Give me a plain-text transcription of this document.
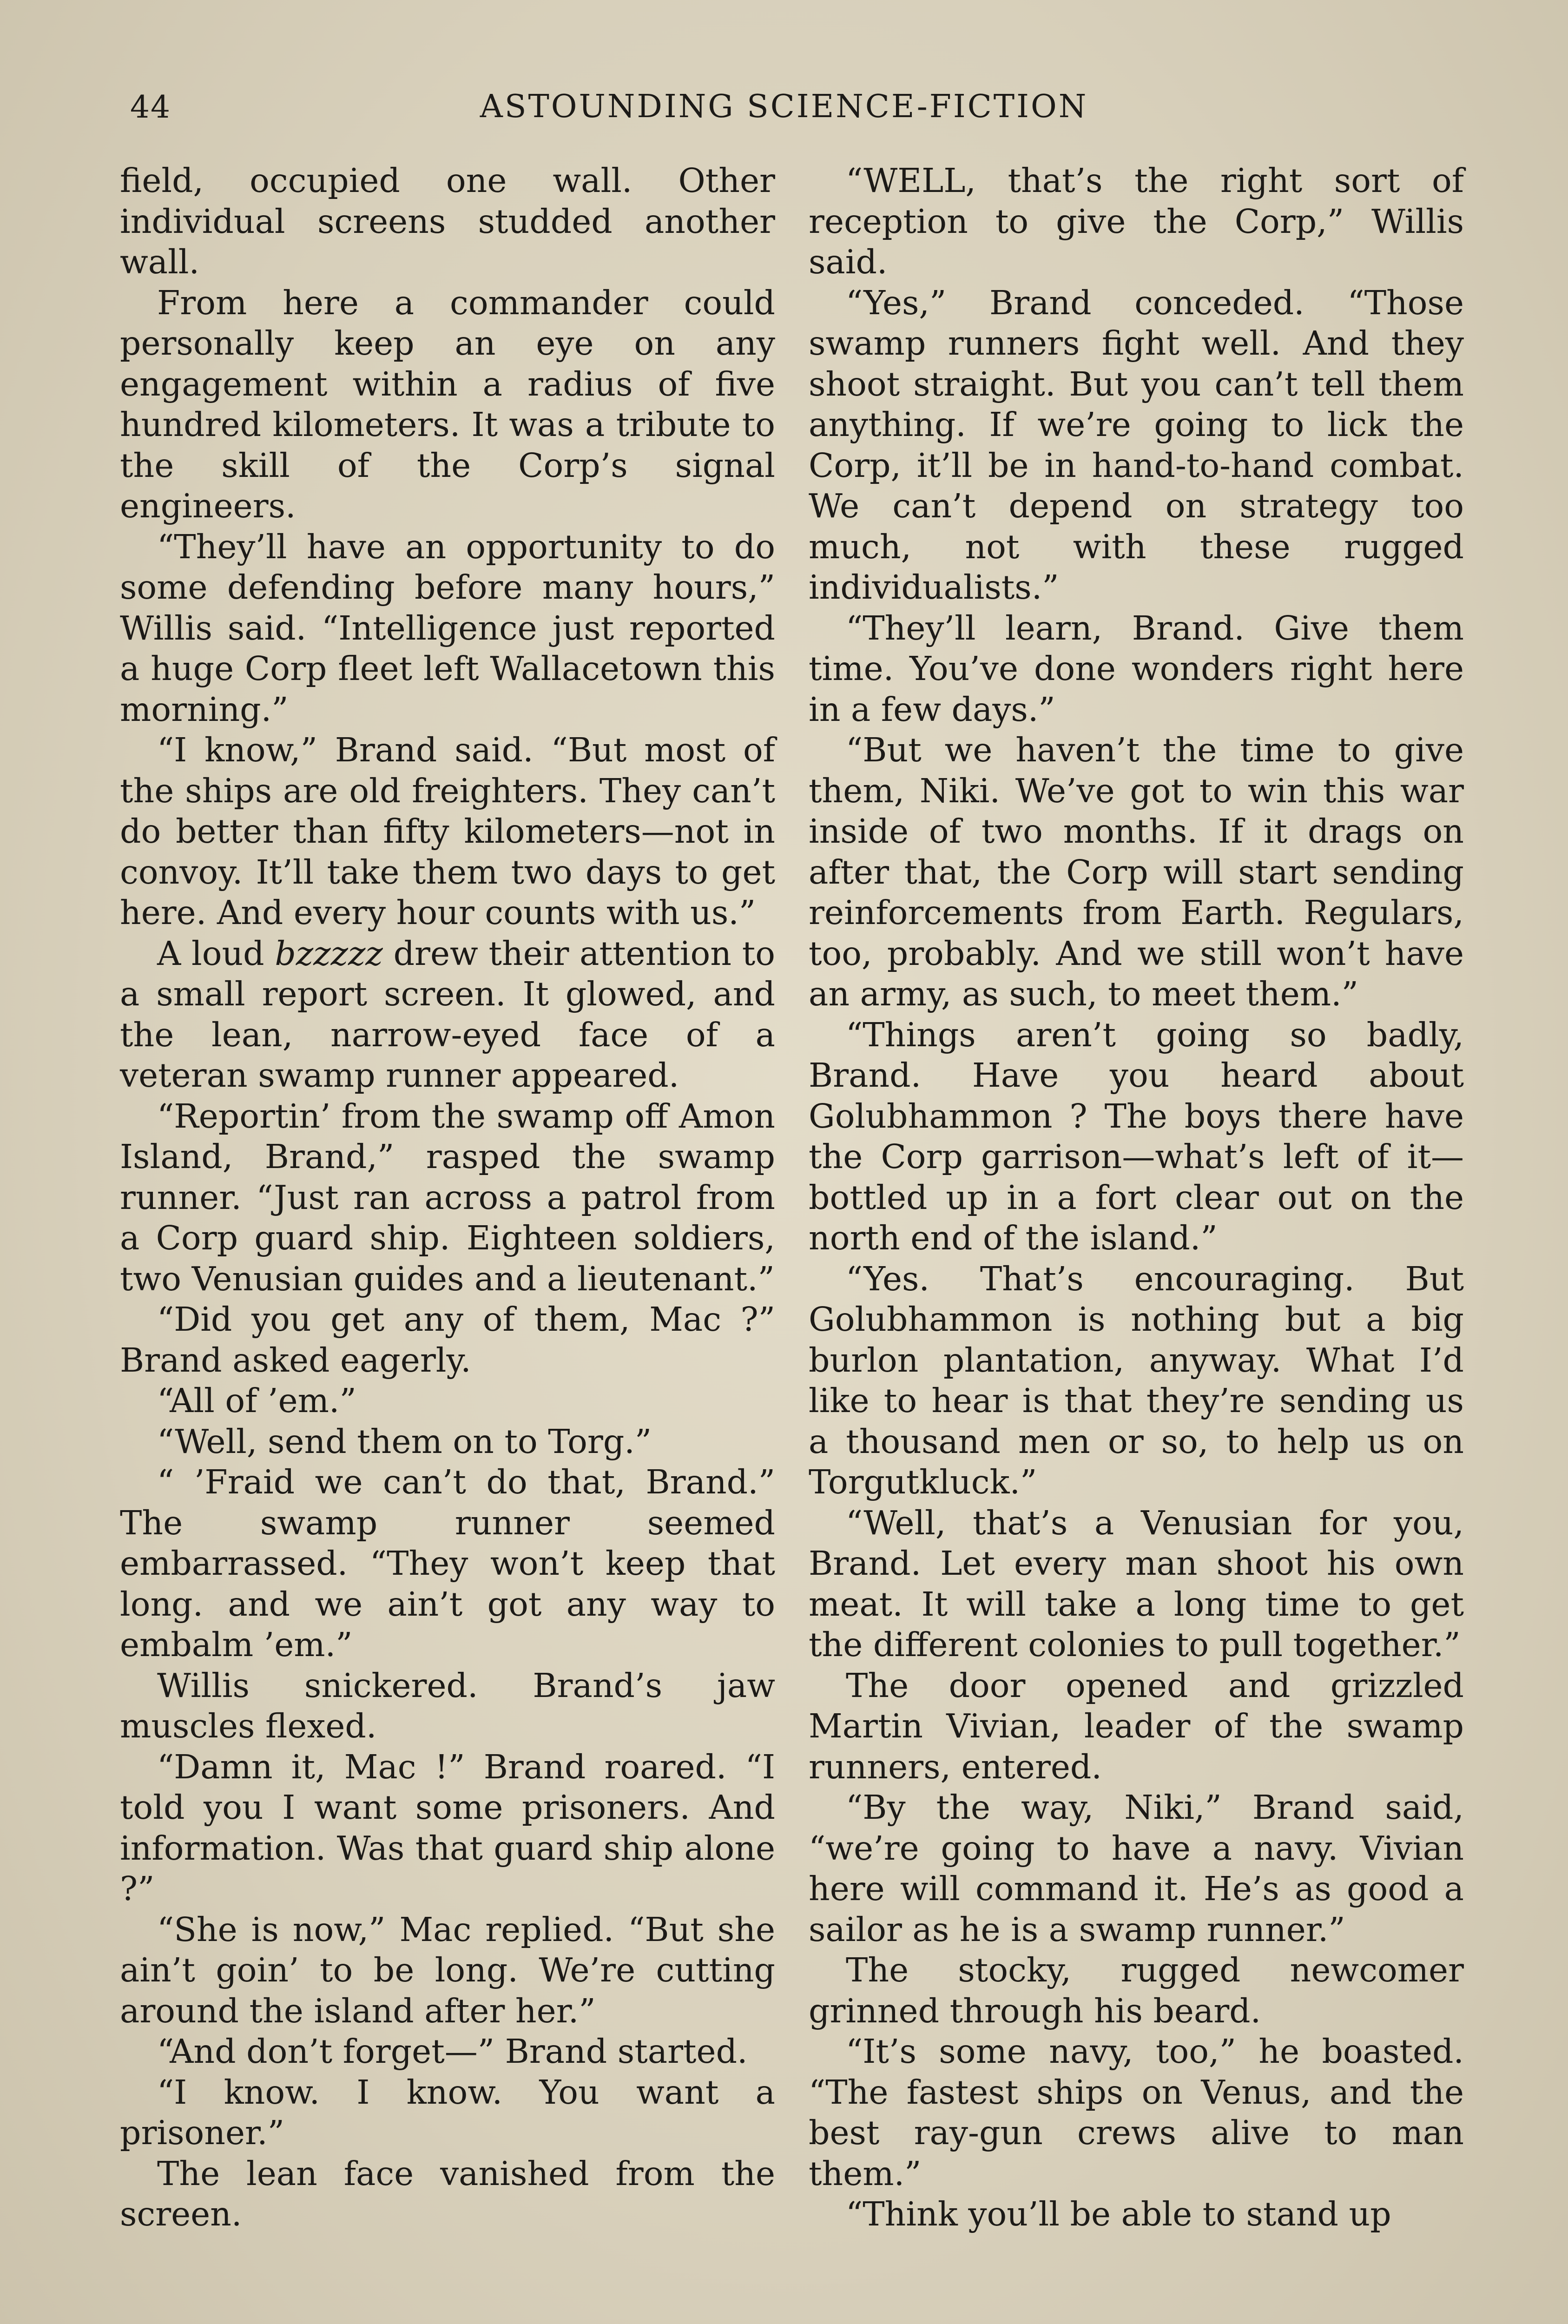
44	ASTOUNDING SCIENCE-FICTION

field, occupied one wall. Other individual screens studded another wall.

From here a commander could personally keep an eye on any engagement within a radius of five hundred kilometers. It was a tribute to the skill of the Corp’s signal engineers.

“They’ll have an opportunity to do some defending before many hours,” Willis said. “Intelligence just reported a huge Corp fleet left Wallacetown this morning.”

“I know,” Brand said. “But most of the ships are old freighters. They can’t do better than fifty kilometers—not in convoy. It’ll take them two days to get here. And every hour counts with us.”

A loud bzzzzz drew their attention to a small report screen. It glowed, and the lean, narrow-eyed face of a veteran swamp runner appeared.

“Reportin’ from the swamp off Amon Island, Brand,” rasped the swamp runner. “Just ran across a patrol from a Corp guard ship. Eighteen soldiers, two Venusian guides and a lieutenant.”

“Did you get any of them, Mac ?” Brand asked eagerly.

“All of ’em.”

“Well, send them on to Torg.”

“ ’Fraid we can’t do that, Brand.” The swamp runner seemed embarrassed. “They won’t keep that long. and we ain’t got any way to embalm ’em.”

Willis snickered. Brand’s jaw muscles flexed.

“Damn it, Mac !” Brand roared. “I told you I want some prisoners. And information. Was that guard ship alone ?”

“She is now,” Mac replied. “But she ain’t goin’ to be long. We’re cutting around the island after her.”

“And don’t forget—” Brand started.

“I know. I know. You want a prisoner.”

The lean face vanished from the screen.

“WELL, that’s the right sort of reception to give the Corp,” Willis said.

“Yes,” Brand conceded. “Those swamp runners fight well. And they shoot straight. But you can’t tell them anything. If we’re going to lick the Corp, it’ll be in hand-to-hand combat. We can’t depend on strategy too much, not with these rugged individualists.”

“They’ll learn, Brand. Give them time. You’ve done wonders right here in a few days.”

“But we haven’t the time to give them, Niki. We’ve got to win this war inside of two months. If it drags on after that, the Corp will start sending reinforcements from Earth. Regulars, too, probably. And we still won’t have an army, as such, to meet them.”

“Things aren’t going so badly, Brand. Have you heard about Golubhammon ? The boys there have the Corp garrison—what’s left of it—bottled up in a fort clear out on the north end of the island.”

“Yes. That’s encouraging. But Golubhammon is nothing but a big burlon plantation, anyway. What I’d like to hear is that they’re sending us a thousand men or so, to help us on Torgutkluck.”

“Well, that’s a Venusian for you, Brand. Let every man shoot his own meat. It will take a long time to get the different colonies to pull together.”

The door opened and grizzled Martin Vivian, leader of the swamp runners, entered.

“By the way, Niki,” Brand said, “we’re going to have a navy. Vivian here will command it. He’s as good a sailor as he is a swamp runner.”

The stocky, rugged newcomer grinned through his beard.

“It’s some navy, too,” he boasted. “The fastest ships on Venus, and the best ray-gun crews alive to man them.”

“Think you’ll be able to stand up
